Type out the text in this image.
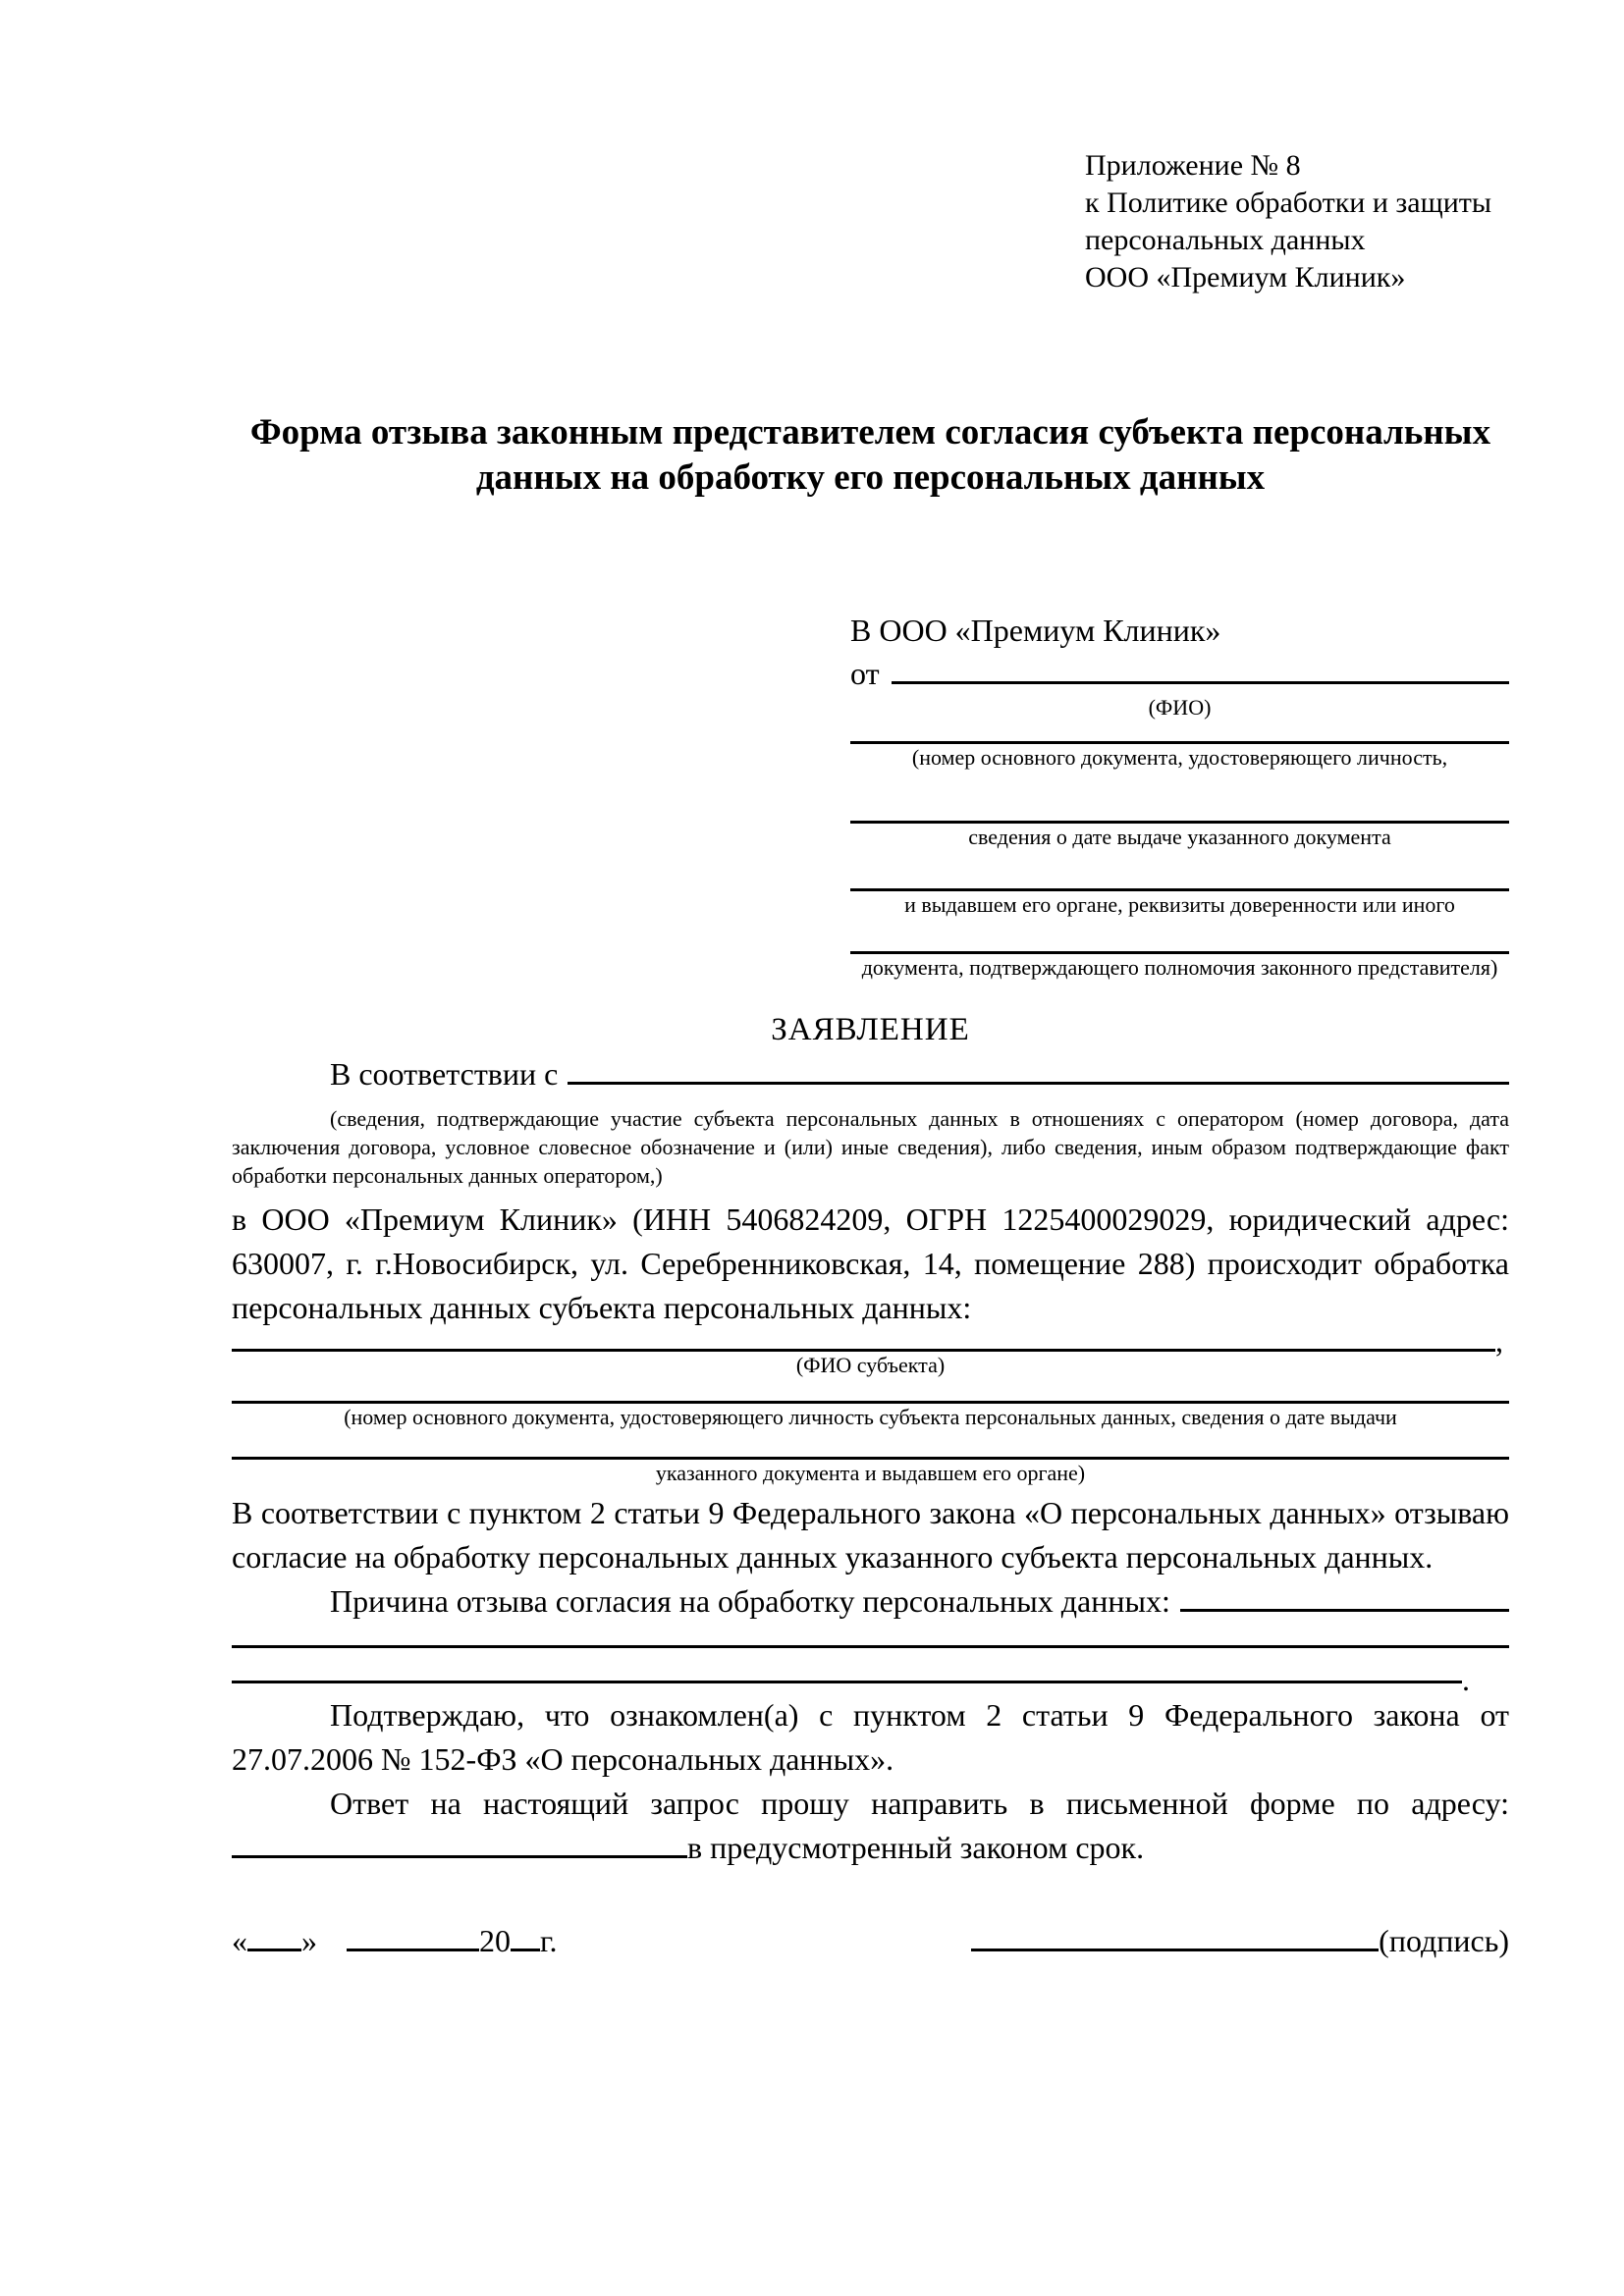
Приложение № 8
к Политике обработки и защиты
персональных данных
ООО «Премиум Клиник»
Форма отзыва законным представителем согласия субъекта персональных данных на обработку его персональных данных
В ООО «Премиум Клиник»
от
(ФИО)
(номер основного документа, удостоверяющего личность,
сведения о дате выдаче указанного документа
и выдавшем его органе, реквизиты доверенности или иного
документа, подтверждающего полномочия законного представителя)
ЗАЯВЛЕНИЕ
В соответствии с
(сведения, подтверждающие участие субъекта персональных данных в отношениях с оператором (номер договора, дата заключения договора, условное словесное обозначение и (или) иные сведения), либо сведения, иным образом подтверждающие факт обработки персональных данных оператором,)
в ООО «Премиум Клиник» (ИНН 5406824209, ОГРН 1225400029029, юридический адрес: 630007, г. г.Новосибирск, ул. Серебренниковская, 14, помещение 288) происходит обработка персональных данных субъекта персональных данных:
,
(ФИО субъекта)
(номер основного документа, удостоверяющего личность субъекта персональных данных, сведения о дате выдачи
указанного документа и выдавшем его органе)
В соответствии с пунктом 2 статьи 9 Федерального закона «О персональных данных» отзываю согласие на обработку персональных данных указанного субъекта персональных данных.
Причина отзыва согласия на обработку персональных данных:
.
Подтверждаю, что ознакомлен(а) с пунктом 2 статьи 9 Федерального закона от 27.07.2006 № 152-ФЗ «О персональных данных».
Ответ на настоящий запрос прошу направить в письменной форме по адресу:
в предусмотренный законом срок.
« »	20 г.	(подпись)
